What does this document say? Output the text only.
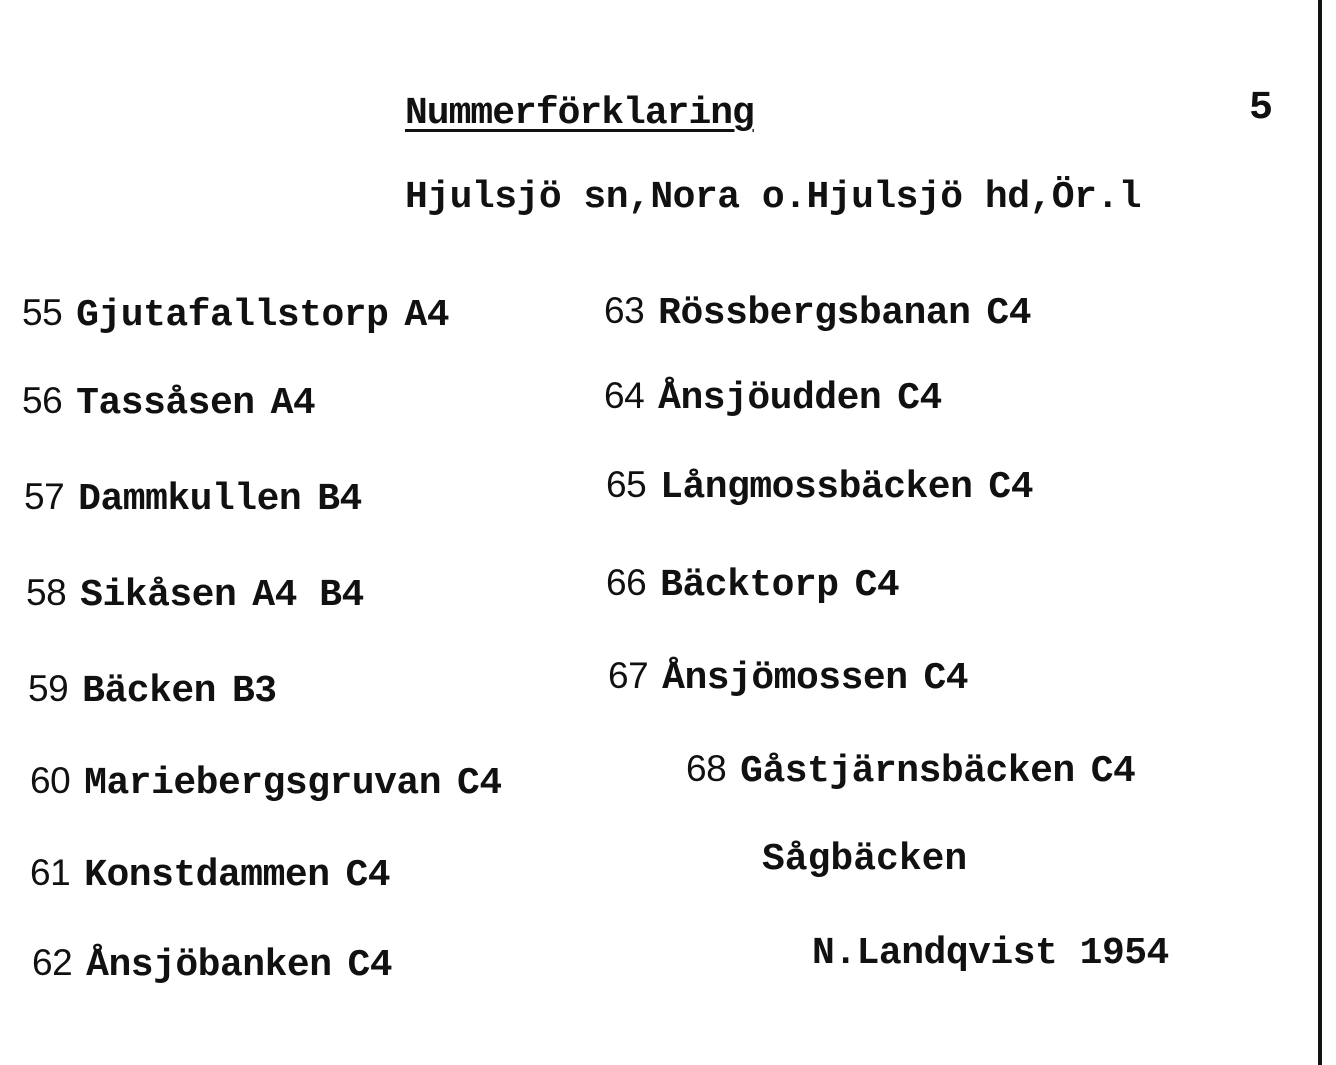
Nummerförklaring	5
Hjulsjö sn,Nora o.Hjulsjö hd,Ör.l
55 Gjutafallstorp A4
56 Tassåsen A4
57 Dammkullen B4
58 Sikåsen A4 B4
59 Bäcken B3
60 Mariebergsgruvan C4
61 Konstdammen C4
62 Ånsjöbanken C4
63 Rössbergsbanan C4
64 Ånsjöudden C4
65 Långmossbäcken C4
66 Bäcktorp C4
67 Ånsjömossen C4
68 Gåstjärnsbäcken C4
Sågbäcken
N.Landqvist 1954
